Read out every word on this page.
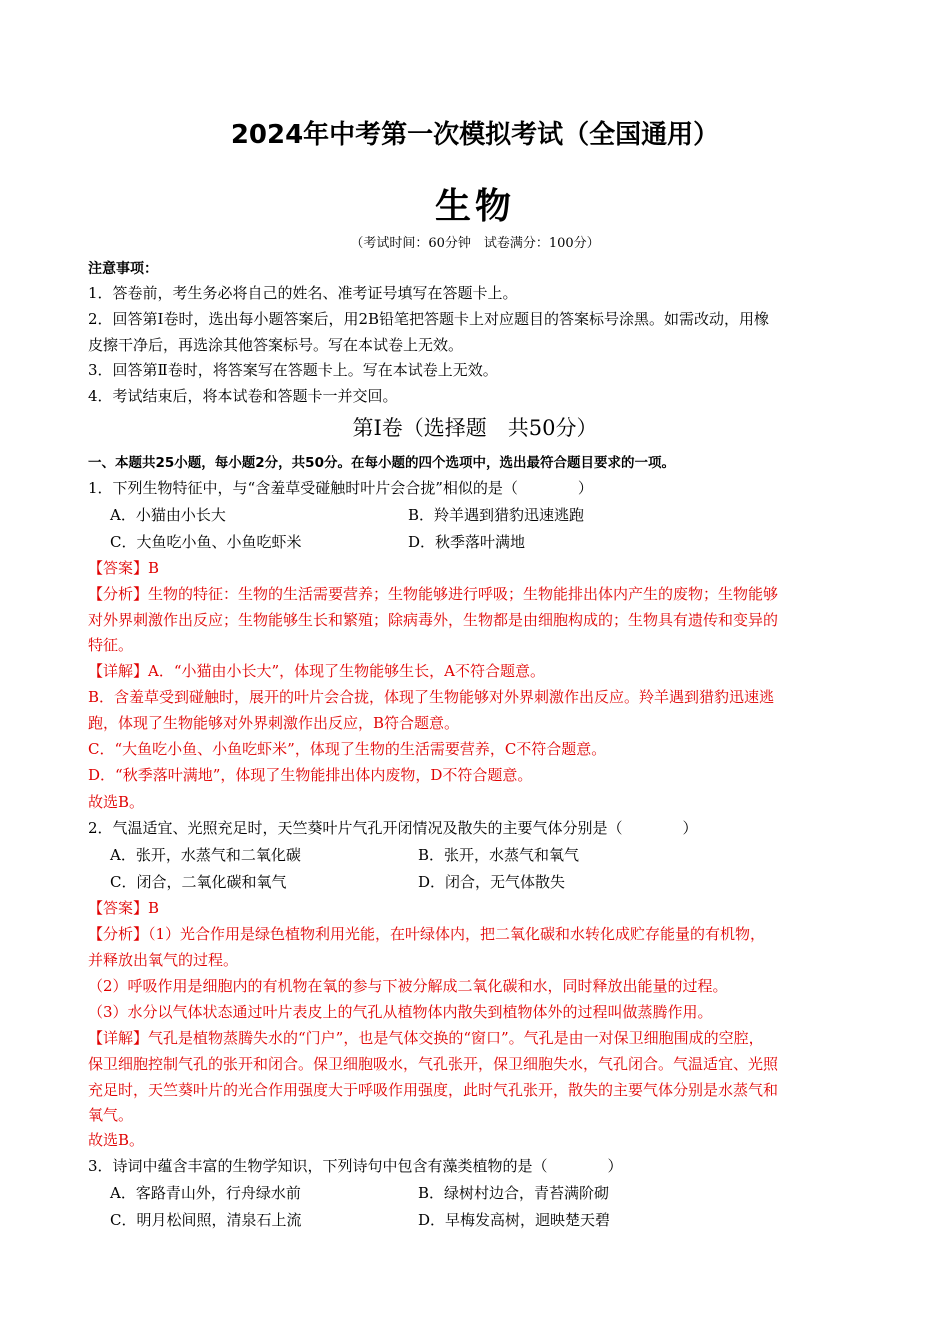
2024年中考第一次模拟考试（全国通用）
生物
（考试时间：60分钟　试卷满分：100分）
注意事项：
1．答卷前，考生务必将自己的姓名、准考证号填写在答题卡上。
2．回答第Ⅰ卷时，选出每小题答案后，用2B铅笔把答题卡上对应题目的答案标号涂黑。如需改动，用橡
皮擦干净后，再选涂其他答案标号。写在本试卷上无效。
3．回答第Ⅱ卷时，将答案写在答题卡上。写在本试卷上无效。
4．考试结束后，将本试卷和答题卡一并交回。
第Ⅰ卷（选择题　共50分）
一、本题共25小题，每小题2分，共50分。在每小题的四个选项中，选出最符合题目要求的一项。
1．下列生物特征中，与“含羞草受碰触时叶片会合拢”相似的是（　　　　）
A．小猫由小长大	B．羚羊遇到猎豹迅速逃跑
C．大鱼吃小鱼、小鱼吃虾米	D．秋季落叶满地
【答案】B
【分析】生物的特征：生物的生活需要营养；生物能够进行呼吸；生物能排出体内产生的废物；生物能够
对外界刺激作出反应；生物能够生长和繁殖；除病毒外，生物都是由细胞构成的；生物具有遗传和变异的
特征。
【详解】A．“小猫由小长大”，体现了生物能够生长，A不符合题意。
B．含羞草受到碰触时，展开的叶片会合拢，体现了生物能够对外界刺激作出反应。羚羊遇到猎豹迅速逃
跑，体现了生物能够对外界刺激作出反应，B符合题意。
C．“大鱼吃小鱼、小鱼吃虾米”，体现了生物的生活需要营养，C不符合题意。
D．“秋季落叶满地”，体现了生物能排出体内废物，D不符合题意。
故选B。
2．气温适宜、光照充足时，天竺葵叶片气孔开闭情况及散失的主要气体分别是（　　　　）
A．张开，水蒸气和二氧化碳	B．张开，水蒸气和氧气
C．闭合，二氧化碳和氧气	D．闭合，无气体散失
【答案】B
【分析】（1）光合作用是绿色植物利用光能，在叶绿体内，把二氧化碳和水转化成贮存能量的有机物，
并释放出氧气的过程。
（2）呼吸作用是细胞内的有机物在氧的参与下被分解成二氧化碳和水，同时释放出能量的过程。
（3）水分以气体状态通过叶片表皮上的气孔从植物体内散失到植物体外的过程叫做蒸腾作用。
【详解】气孔是植物蒸腾失水的“门户”，也是气体交换的“窗口”。气孔是由一对保卫细胞围成的空腔，
保卫细胞控制气孔的张开和闭合。保卫细胞吸水，气孔张开，保卫细胞失水，气孔闭合。气温适宜、光照
充足时，天竺葵叶片的光合作用强度大于呼吸作用强度，此时气孔张开，散失的主要气体分别是水蒸气和
氧气。
故选B。
3．诗词中蕴含丰富的生物学知识，下列诗句中包含有藻类植物的是（　　　　）
A．客路青山外，行舟绿水前	B．绿树村边合，青苔满阶砌
C．明月松间照，清泉石上流	D．早梅发高树，迥映楚天碧
